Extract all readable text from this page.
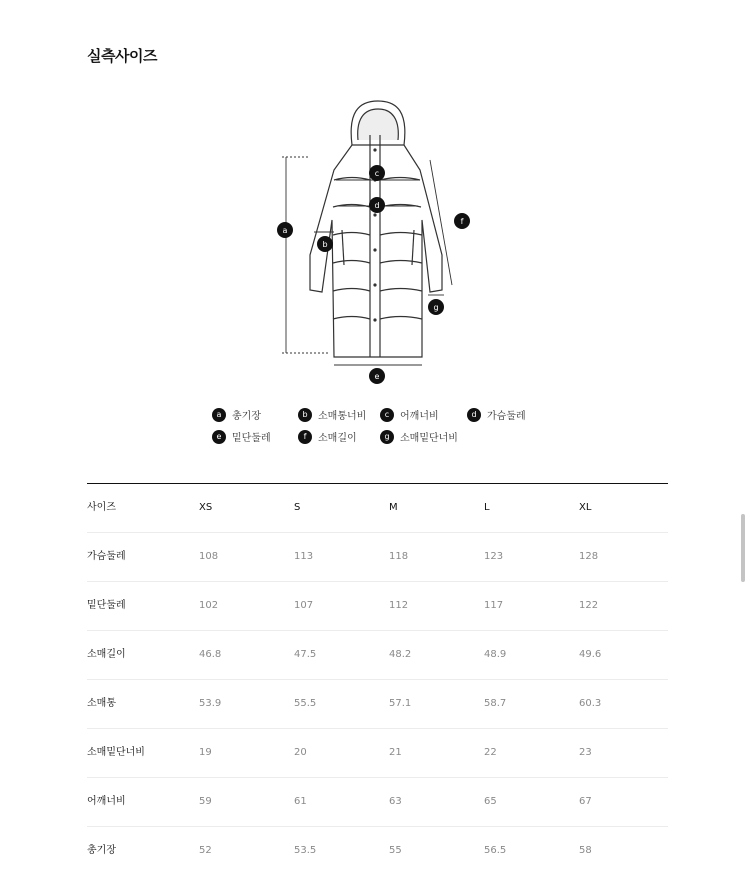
실측사이즈
a
b
c
d
e
f
g
a	총기장	b	소매통너비	c	어깨너비	d	가슴둘레
e	밑단둘레	f	소매길이	g	소매밑단너비
사이즈	XS	S	M	L	XL
가슴둘레	108	113	118	123	128
밑단둘레	102	107	112	117	122
소매길이	46.8	47.5	48.2	48.9	49.6
소매통	53.9	55.5	57.1	58.7	60.3
소매밑단너비	19	20	21	22	23
어깨너비	59	61	63	65	67
총기장	52	53.5	55	56.5	58
